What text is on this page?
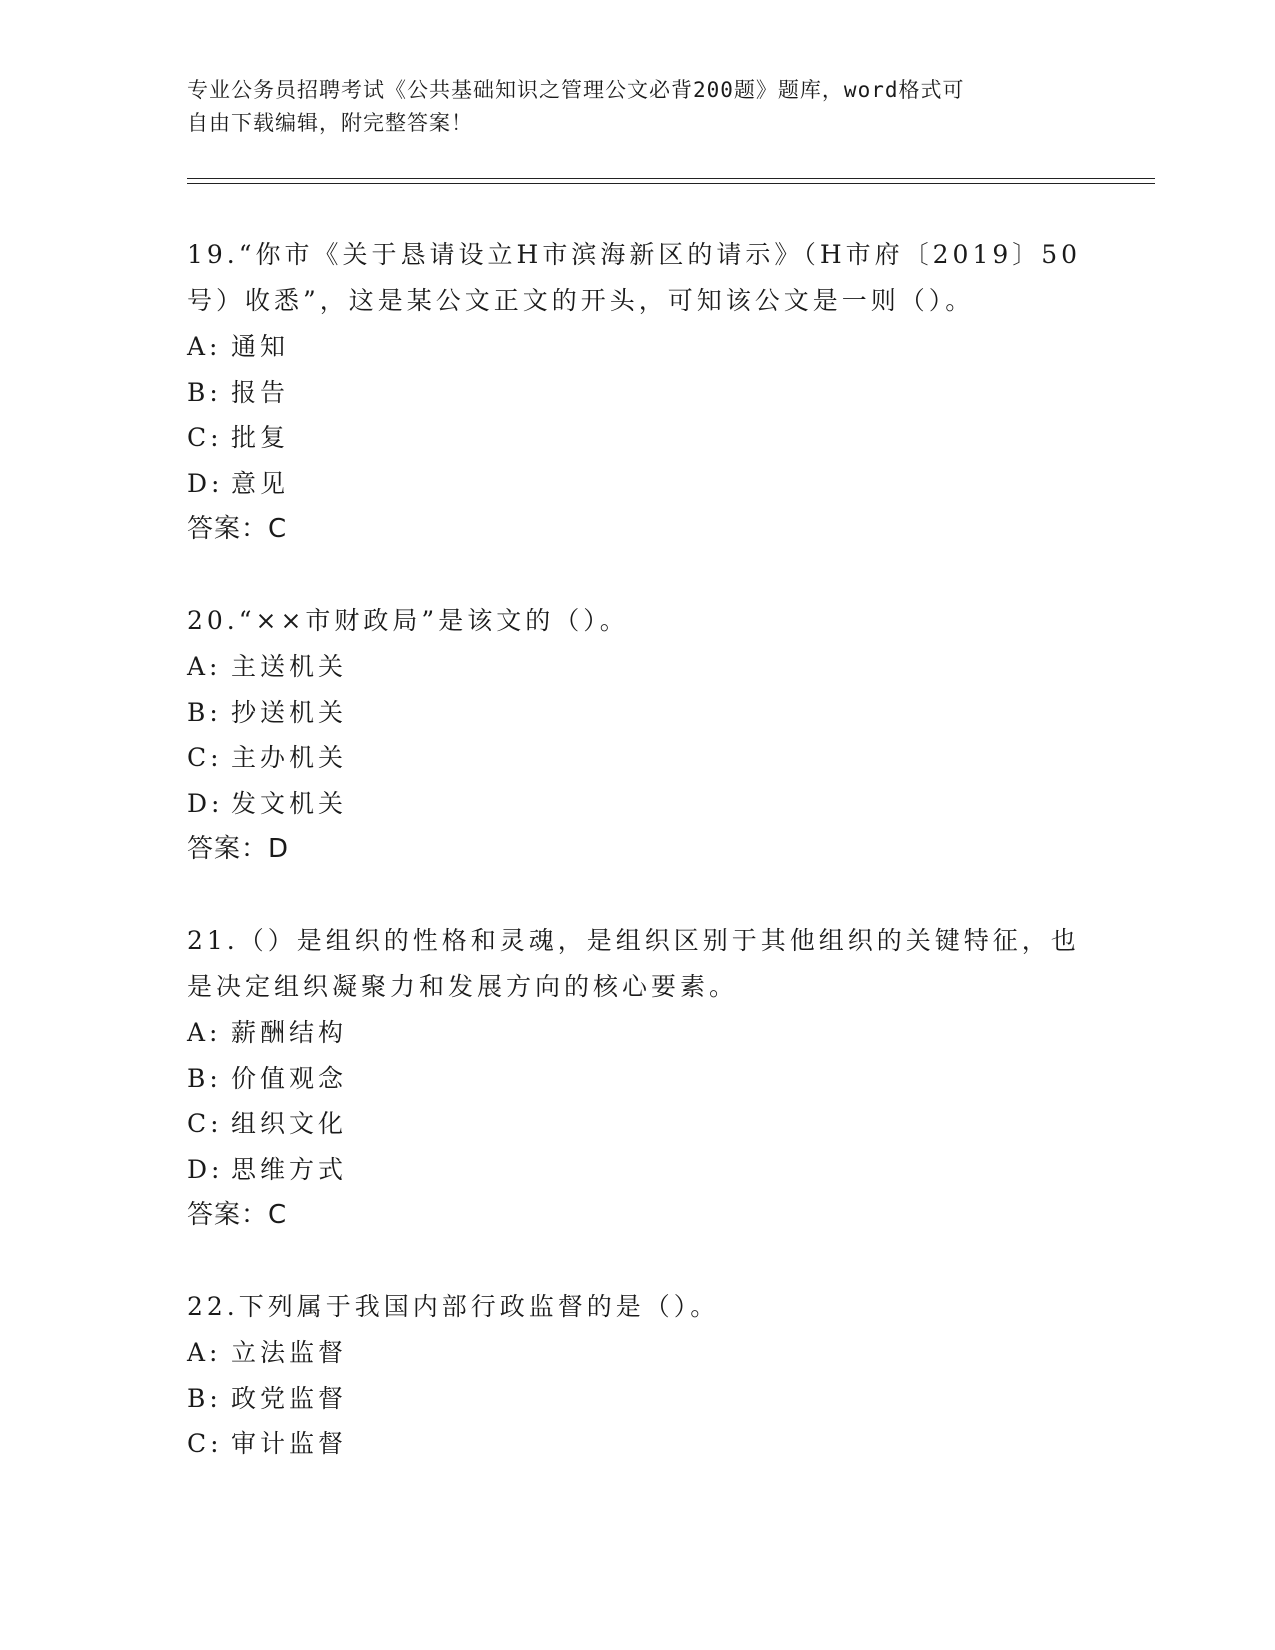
专业公务员招聘考试《公共基础知识之管理公文必背200题》题库，word格式可
自由下载编辑，附完整答案！

19.“你市《关于恳请设立H市滨海新区的请示》（H市府〔2019〕50号）收悉”，这是某公文正文的开头，可知该公文是一则（）。

A: 通知
B: 报告
C: 批复
D: 意见

答案：C

20.“××市财政局”是该文的（）。

A: 主送机关
B: 抄送机关
C: 主办机关
D: 发文机关

答案：D

21.（）是组织的性格和灵魂，是组织区别于其他组织的关键特征，也是决定组织凝聚力和发展方向的核心要素。

A: 薪酬结构
B: 价值观念
C: 组织文化
D: 思维方式

答案：C

22.下列属于我国内部行政监督的是（）。

A: 立法监督
B: 政党监督
C: 审计监督
